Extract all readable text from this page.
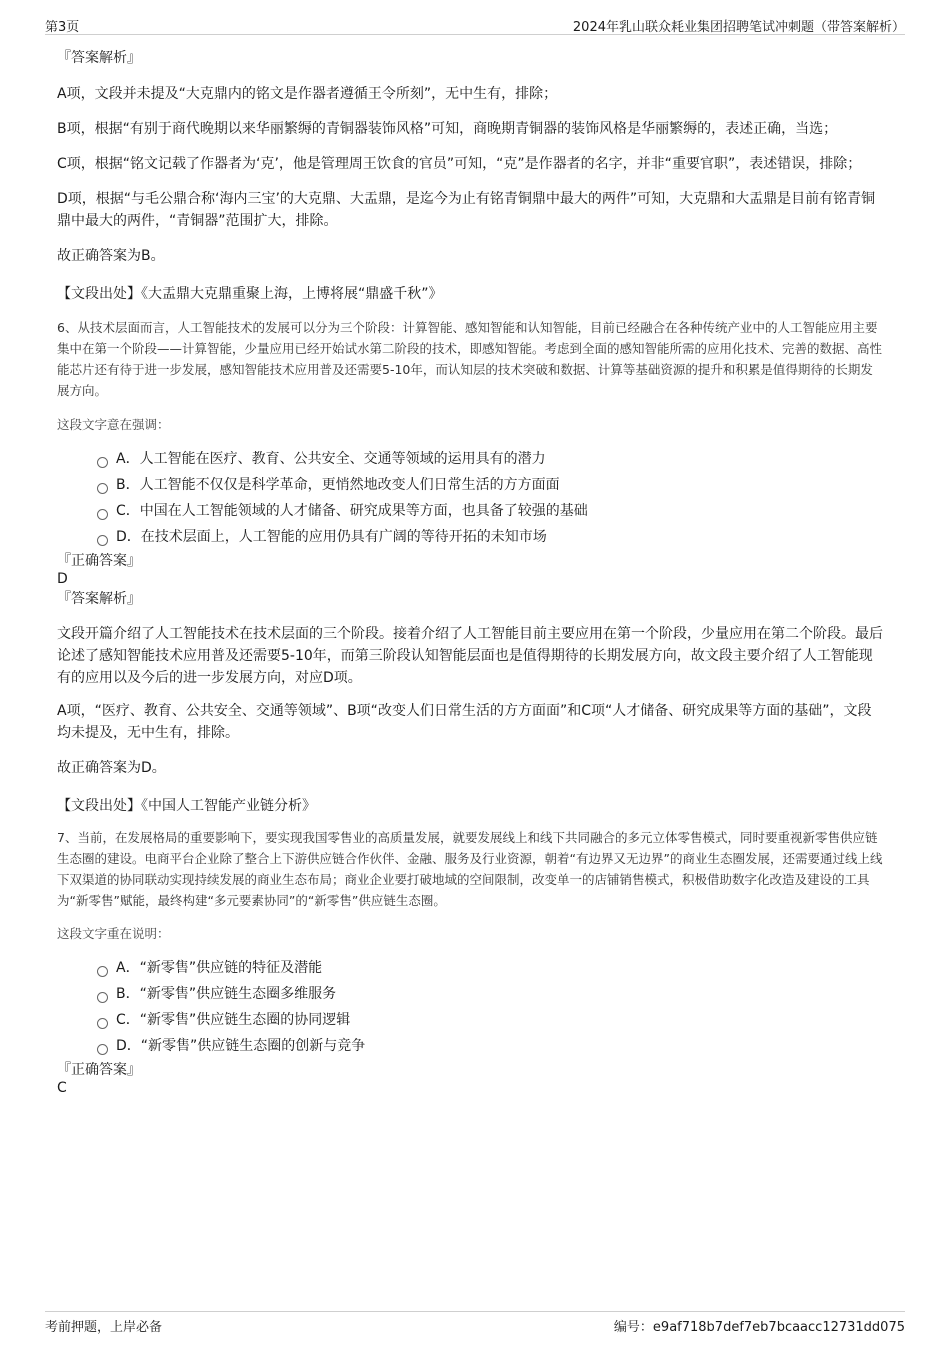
第3页	2024年乳山联众耗业集团招聘笔试冲刺题（带答案解析）

『答案解析』

A项，文段并未提及“大克鼎内的铭文是作器者遵循王令所刻”，无中生有，排除；

B项，根据“有别于商代晚期以来华丽繁缛的青铜器装饰风格”可知，商晚期青铜器的装饰风格是华丽繁缛的，表述正确，当选；

C项，根据“铭文记载了作器者为‘克’，他是管理周王饮食的官员”可知，“克”是作器者的名字，并非“重要官职”，表述错误，排除；

D项，根据“与毛公鼎合称‘海内三宝’的大克鼎、大盂鼎，是迄今为止有铭青铜鼎中最大的两件”可知，大克鼎和大盂鼎是目前有铭青铜鼎中最大的两件，“青铜器”范围扩大，排除。

故正确答案为B。

【文段出处】《大盂鼎大克鼎重聚上海，上博将展“鼎盛千秋”》

6、从技术层面而言，人工智能技术的发展可以分为三个阶段：计算智能、感知智能和认知智能，目前已经融合在各种传统产业中的人工智能应用主要集中在第一个阶段——计算智能，少量应用已经开始试水第二阶段的技术，即感知智能。考虑到全面的感知智能所需的应用化技术、完善的数据、高性能芯片还有待于进一步发展，感知智能技术应用普及还需要5-10年，而认知层的技术突破和数据、计算等基础资源的提升和积累是值得期待的长期发展方向。

这段文字意在强调：

A．人工智能在医疗、教育、公共安全、交通等领域的运用具有的潜力
B．人工智能不仅仅是科学革命，更悄然地改变人们日常生活的方方面面
C．中国在人工智能领域的人才储备、研究成果等方面，也具备了较强的基础
D．在技术层面上，人工智能的应用仍具有广阔的等待开拓的未知市场

『正确答案』

D

『答案解析』

文段开篇介绍了人工智能技术在技术层面的三个阶段。接着介绍了人工智能目前主要应用在第一个阶段，少量应用在第二个阶段。最后论述了感知智能技术应用普及还需要5-10年，而第三阶段认知智能层面也是值得期待的长期发展方向，故文段主要介绍了人工智能现有的应用以及今后的进一步发展方向，对应D项。

A项，“医疗、教育、公共安全、交通等领域”、B项“改变人们日常生活的方方面面”和C项“人才储备、研究成果等方面的基础”，文段均未提及，无中生有，排除。

故正确答案为D。

【文段出处】《中国人工智能产业链分析》

7、当前，在发展格局的重要影响下，要实现我国零售业的高质量发展，就要发展线上和线下共同融合的多元立体零售模式，同时要重视新零售供应链生态圈的建设。电商平台企业除了整合上下游供应链合作伙伴、金融、服务及行业资源，朝着“有边界又无边界”的商业生态圈发展，还需要通过线上线下双渠道的协同联动实现持续发展的商业生态布局；商业企业要打破地域的空间限制，改变单一的店铺销售模式，积极借助数字化改造及建设的工具为“新零售”赋能，最终构建“多元要素协同”的“新零售”供应链生态圈。

这段文字重在说明：

A．“新零售”供应链的特征及潜能
B．“新零售”供应链生态圈多维服务
C．“新零售”供应链生态圈的协同逻辑
D．“新零售”供应链生态圈的创新与竞争

『正确答案』

C

考前押题，上岸必备	编号：e9af718b7def7eb7bcaacc12731dd075
